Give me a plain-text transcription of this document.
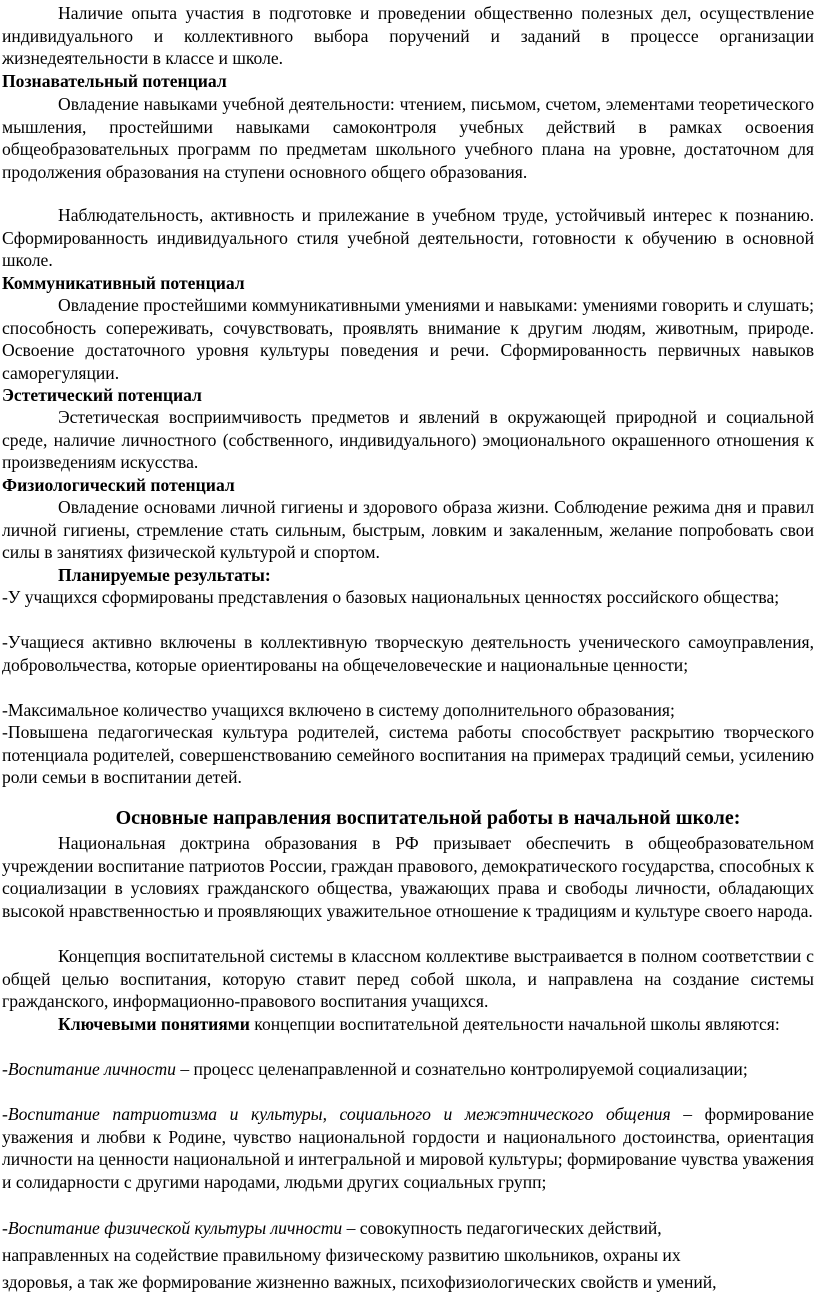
Наличие опыта участия в подготовке и проведении общественно полезных дел, осуществление индивидуального и коллективного выбора поручений и заданий в процессе организации жизнедеятельности в классе и школе.

Познавательный потенциал

Овладение навыками учебной деятельности: чтением, письмом, счетом, элементами теоретического мышления, простейшими навыками самоконтроля учебных действий в рамках освоения общеобразовательных программ по предметам школьного учебного плана на уровне, достаточном для продолжения образования на ступени основного общего образования.

Наблюдательность, активность и прилежание в учебном труде, устойчивый интерес к познанию. Сформированность индивидуального стиля учебной деятельности, готовности к обучению в основной школе.

Коммуникативный потенциал

Овладение простейшими коммуникативными умениями и навыками: умениями говорить и слушать; способность сопереживать, сочувствовать, проявлять внимание к другим людям, животным, природе. Освоение достаточного уровня культуры поведения и речи. Сформированность первичных навыков саморегуляции.

Эстетический потенциал

Эстетическая восприимчивость предметов и явлений в окружающей природной и социальной среде, наличие личностного (собственного, индивидуального) эмоционального окрашенного отношения к произведениям искусства.

Физиологический потенциал

Овладение основами личной гигиены и здорового образа жизни. Соблюдение режима дня и правил личной гигиены, стремление стать сильным, быстрым, ловким и закаленным, желание попробовать свои силы в занятиях физической культурой и спортом.

Планируемые результаты:

-У учащихся сформированы представления о базовых национальных ценностях российского общества;

-Учащиеся активно включены в коллективную творческую деятельность ученического самоуправления, добровольчества, которые ориентированы на общечеловеческие и национальные ценности;

-Максимальное количество учащихся включено в систему дополнительного образования;

-Повышена педагогическая культура родителей, система работы способствует раскрытию творческого потенциала родителей, совершенствованию семейного воспитания на примерах традиций семьи, усилению роли семьи в воспитании детей.

Основные направления воспитательной работы в начальной школе:

Национальная доктрина образования в РФ призывает обеспечить в общеобразовательном учреждении воспитание патриотов России, граждан правового, демократического государства, способных к социализации в условиях гражданского общества, уважающих права и свободы личности, обладающих высокой нравственностью и проявляющих уважительное отношение к традициям и культуре своего народа.

Концепция воспитательной системы в классном коллективе выстраивается в полном соответствии с общей целью воспитания, которую ставит перед собой школа, и направлена на создание системы гражданского, информационно-правового воспитания учащихся.

Ключевыми понятиями концепции воспитательной деятельности начальной школы являются:

-Воспитание личности – процесс целенаправленной и сознательно контролируемой социализации;

-Воспитание патриотизма и культуры, социального и межэтнического общения – формирование уважения и любви к Родине, чувство национальной гордости и национального достоинства, ориентация личности на ценности национальной и интегральной и мировой культуры; формирование чувства уважения и солидарности с другими народами, людьми других социальных групп;

-Воспитание физической культуры личности – совокупность педагогических действий,
направленных на содействие правильному физическому развитию школьников, охраны их
здоровья, а так же формирование жизненно важных, психофизиологических свойств и умений,
